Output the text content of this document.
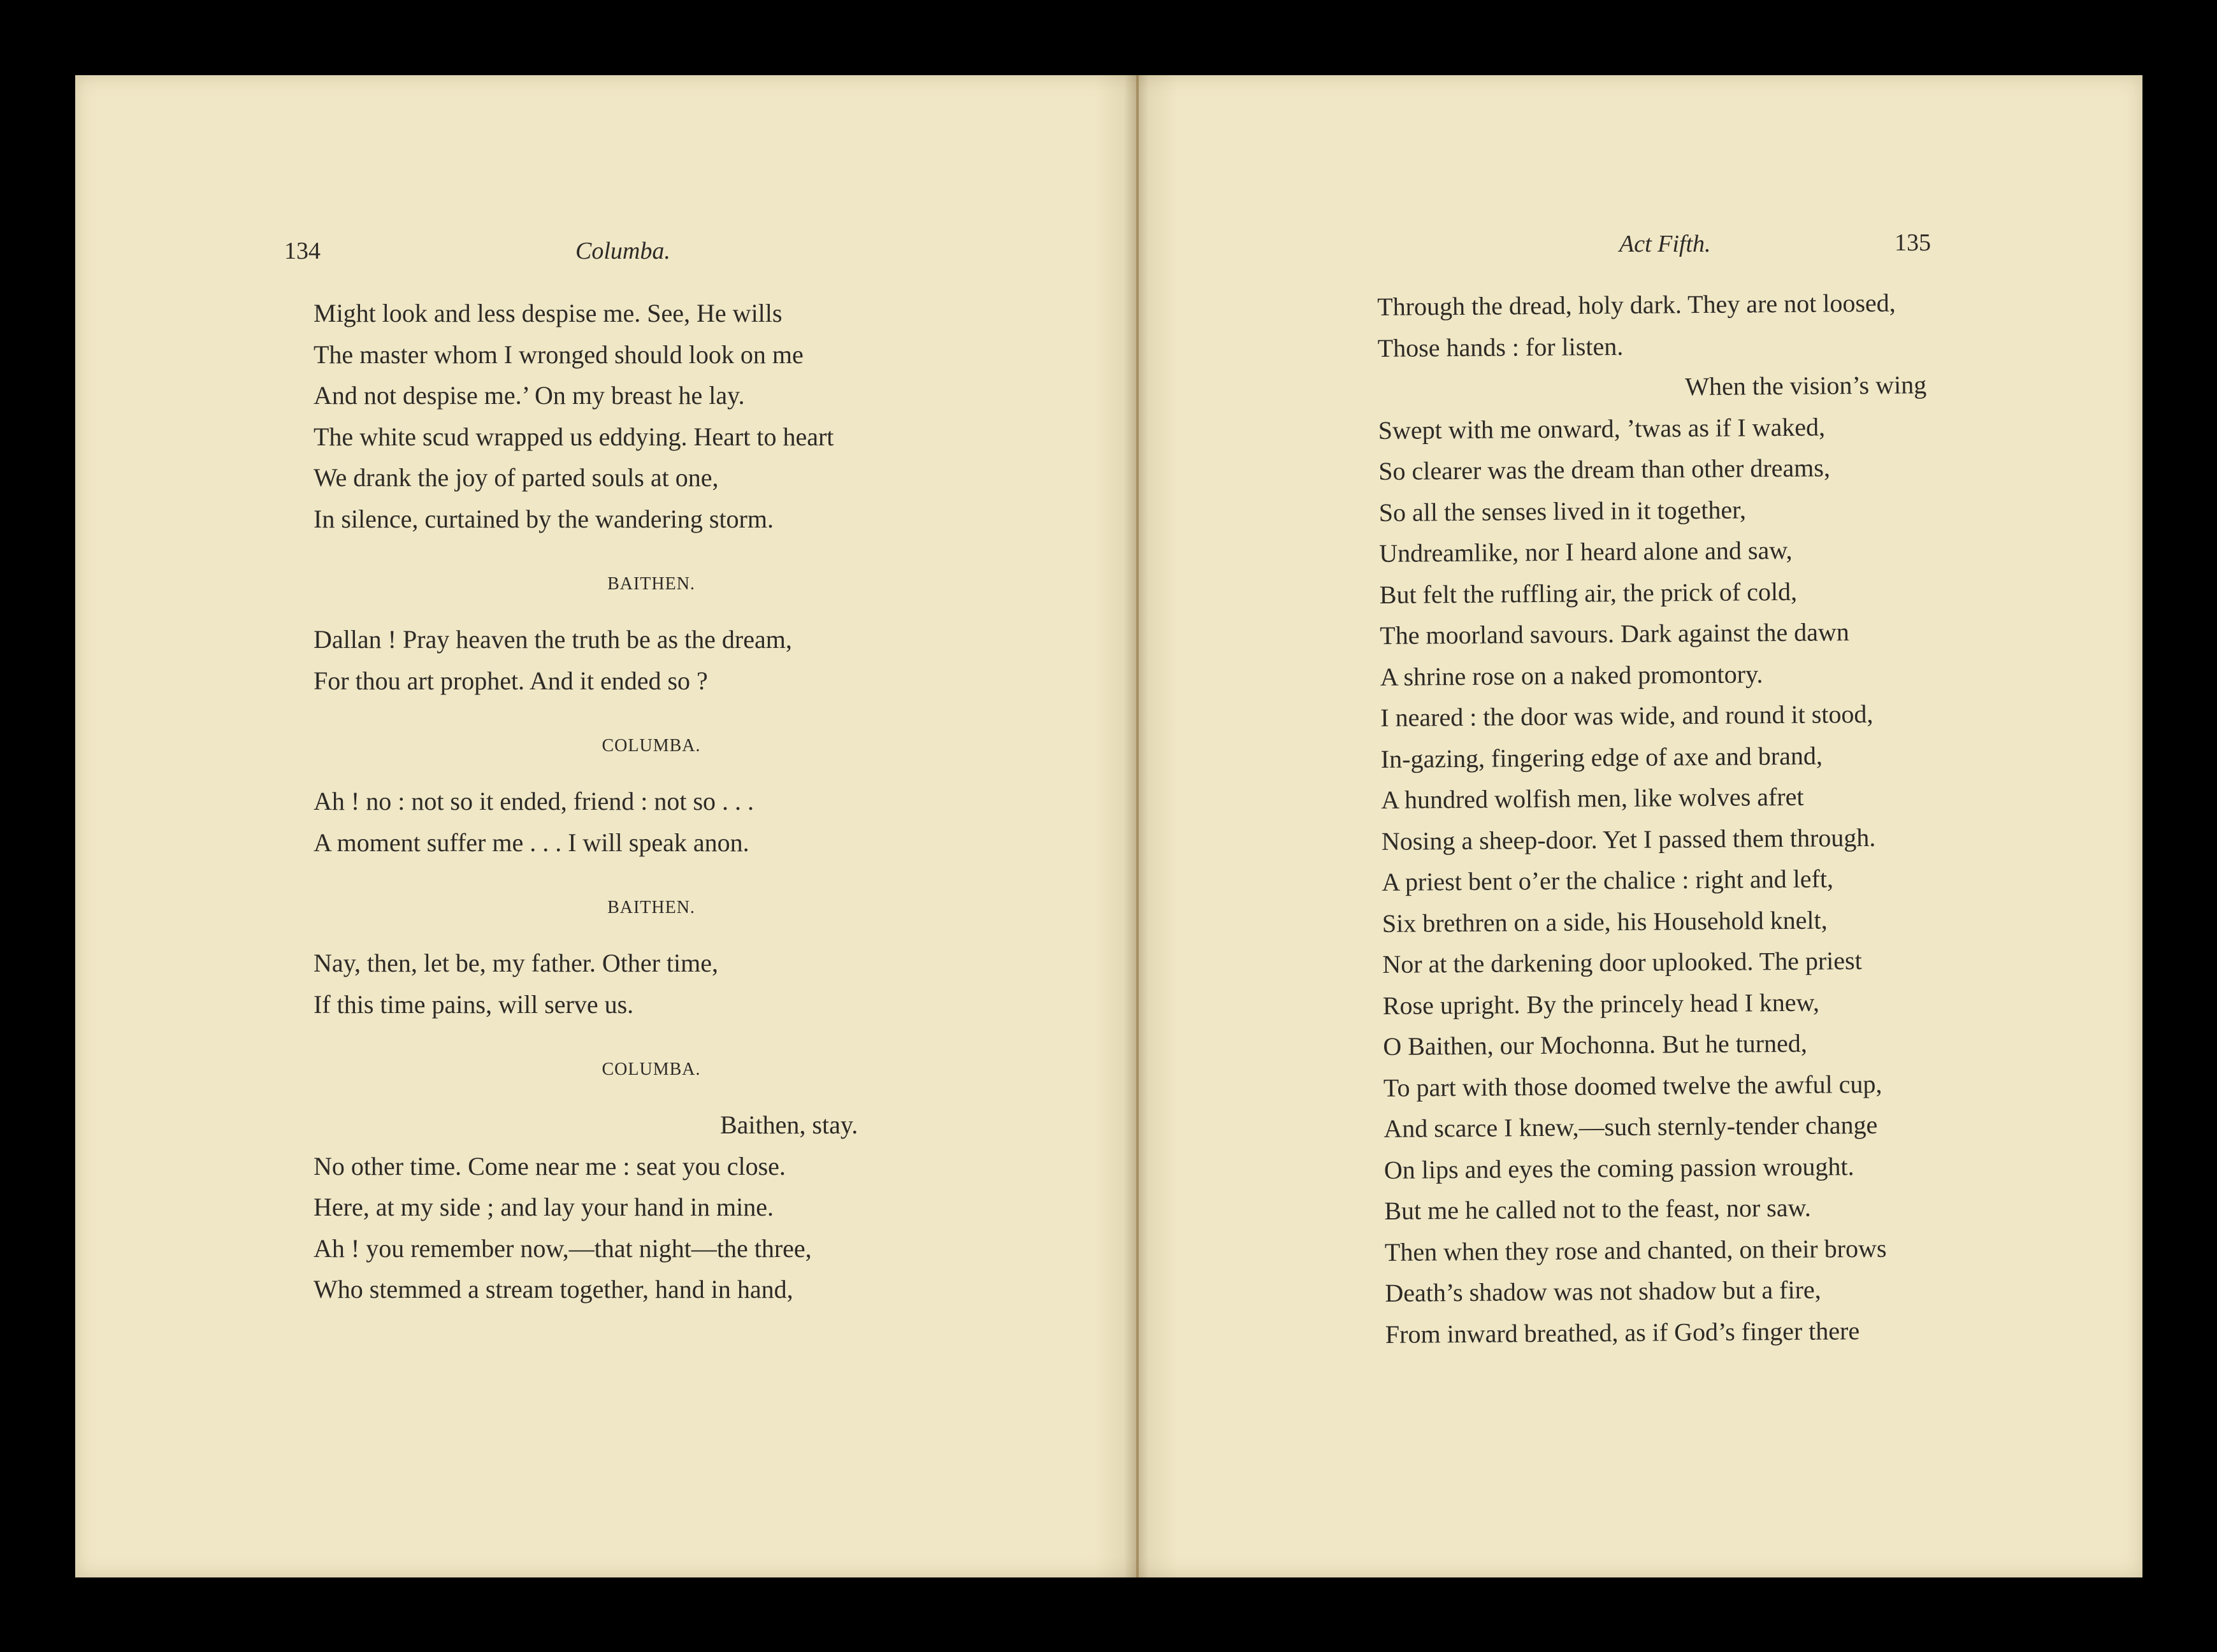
134	Columba.
Might look and less despise me. See, He wills
The master whom I wronged should look on me
And not despise me.’ On my breast he lay.
The white scud wrapped us eddying. Heart to heart
We drank the joy of parted souls at one,
In silence, curtained by the wandering storm.
BAITHEN.
Dallan ! Pray heaven the truth be as the dream,
For thou art prophet. And it ended so ?
COLUMBA.
Ah ! no : not so it ended, friend : not so . . .
A moment suffer me . . . I will speak anon.
BAITHEN.
Nay, then, let be, my father. Other time,
If this time pains, will serve us.
COLUMBA.
Baithen, stay.
No other time. Come near me : seat you close.
Here, at my side ; and lay your hand in mine.
Ah ! you remember now,—that night—the three,
Who stemmed a stream together, hand in hand,
Act Fifth.	135
Through the dread, holy dark. They are not loosed,
Those hands : for listen.
When the vision’s wing
Swept with me onward, ’twas as if I waked,
So clearer was the dream than other dreams,
So all the senses lived in it together,
Undreamlike, nor I heard alone and saw,
But felt the ruffling air, the prick of cold,
The moorland savours. Dark against the dawn
A shrine rose on a naked promontory.
I neared : the door was wide, and round it stood,
In-gazing, fingering edge of axe and brand,
A hundred wolfish men, like wolves afret
Nosing a sheep-door. Yet I passed them through.
A priest bent o’er the chalice : right and left,
Six brethren on a side, his Household knelt,
Nor at the darkening door uplooked. The priest
Rose upright. By the princely head I knew,
O Baithen, our Mochonna. But he turned,
To part with those doomed twelve the awful cup,
And scarce I knew,—such sternly-tender change
On lips and eyes the coming passion wrought.
But me he called not to the feast, nor saw.
Then when they rose and chanted, on their brows
Death’s shadow was not shadow but a fire,
From inward breathed, as if God’s finger there
